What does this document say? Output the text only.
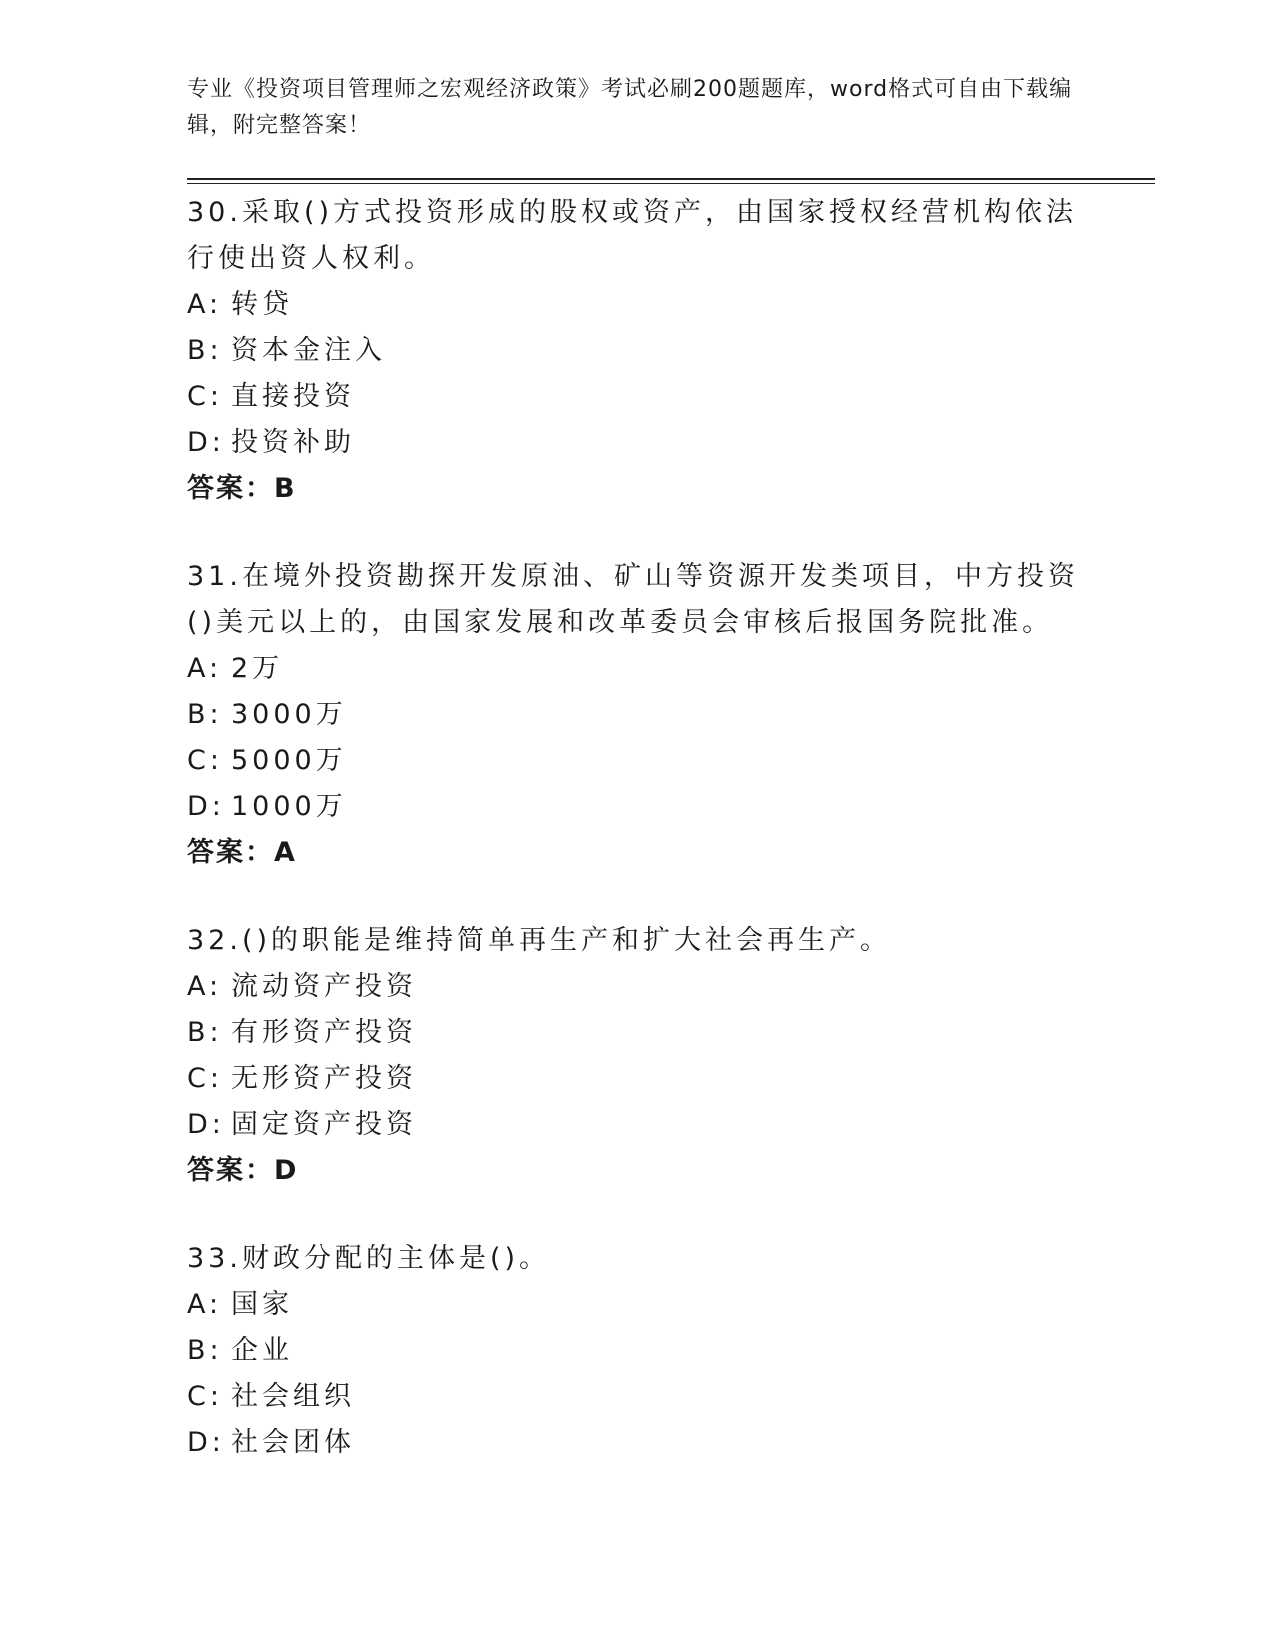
专业《投资项目管理师之宏观经济政策》考试必刷200题题库，word格式可自由下载编辑，附完整答案！

30.采取()方式投资形成的股权或资产，由国家授权经营机构依法行使出资人权利。

A: 转贷

B: 资本金注入

C: 直接投资

D: 投资补助

答案：B

31.在境外投资勘探开发原油、矿山等资源开发类项目，中方投资()美元以上的，由国家发展和改革委员会审核后报国务院批准。

A: 2万

B: 3000万

C: 5000万

D: 1000万

答案：A

32.()的职能是维持简单再生产和扩大社会再生产。

A: 流动资产投资

B: 有形资产投资

C: 无形资产投资

D: 固定资产投资

答案：D

33.财政分配的主体是()。

A: 国家

B: 企业

C: 社会组织

D: 社会团体
